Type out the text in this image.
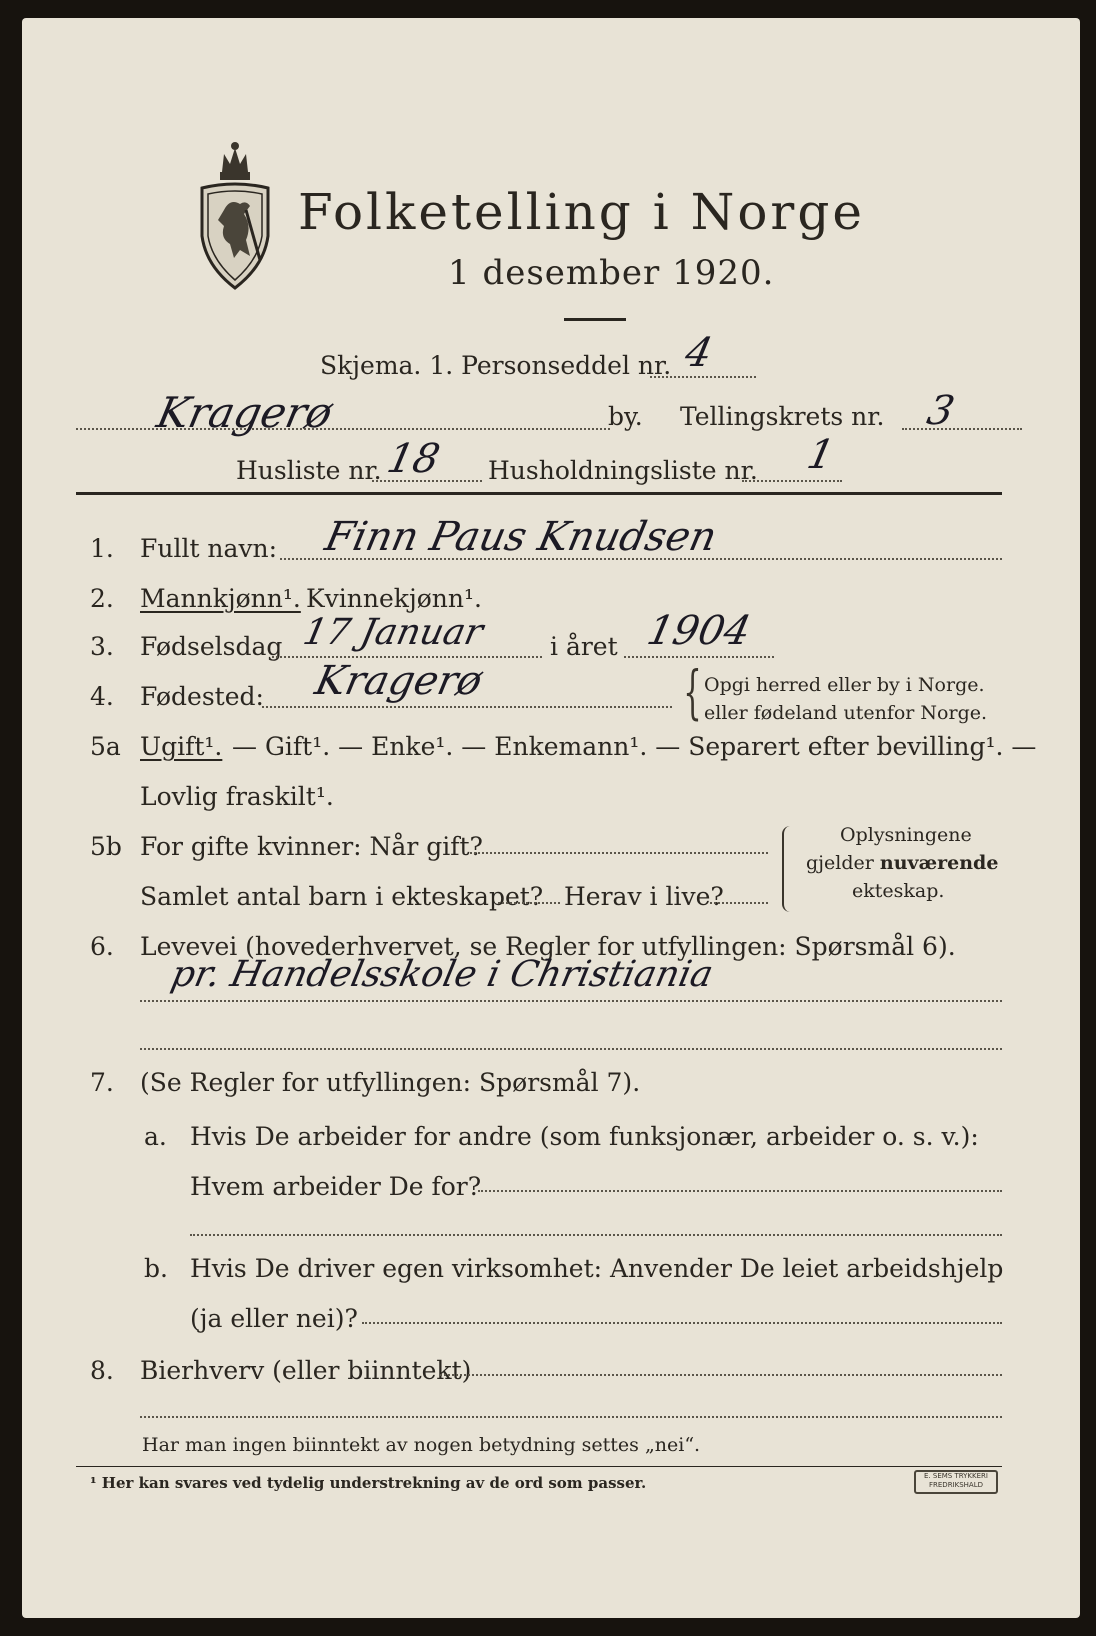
Folketelling i Norge
1 desember 1920.
Skjema. 1. Personseddel nr. 4
Kragerø	by. Tellingskrets nr. 3
Husliste nr. 18 Husholdningsliste nr. 1
1. Fullt navn: Finn Paus Knudsen
2. Mannkjønn¹. Kvinnekjønn¹.
3. Fødselsdag 17 Januar	i året 1904
4. Fødested: Kragerø	{ Opgi herred eller by i Norge.
eller fødeland utenfor Norge.
5a Ugift¹. — Gift¹. — Enke¹. — Enkemann¹. — Separert efter bevilling¹. —
Lovlig fraskilt¹.
5b For gifte kvinner: Når gift?
Samlet antal barn i ekteskapet? Herav i live?
Oplysningene
gjelder nuværende
ekteskap.
6. Levevei (hovederhvervet, se Regler for utfyllingen: Spørsmål 6).
pr. Handelsskole i Christiania
7. (Se Regler for utfyllingen: Spørsmål 7).
a. Hvis De arbeider for andre (som funksjonær, arbeider o. s. v.):
Hvem arbeider De for?
b. Hvis De driver egen virksomhet: Anvender De leiet arbeidshjelp
(ja eller nei)?
8. Bierhverv (eller biinntekt)
Har man ingen biinntekt av nogen betydning settes „nei“.
¹ Her kan svares ved tydelig understrekning av de ord som passer.	E. SEMS TRYKKERI FREDRIKSHALD
